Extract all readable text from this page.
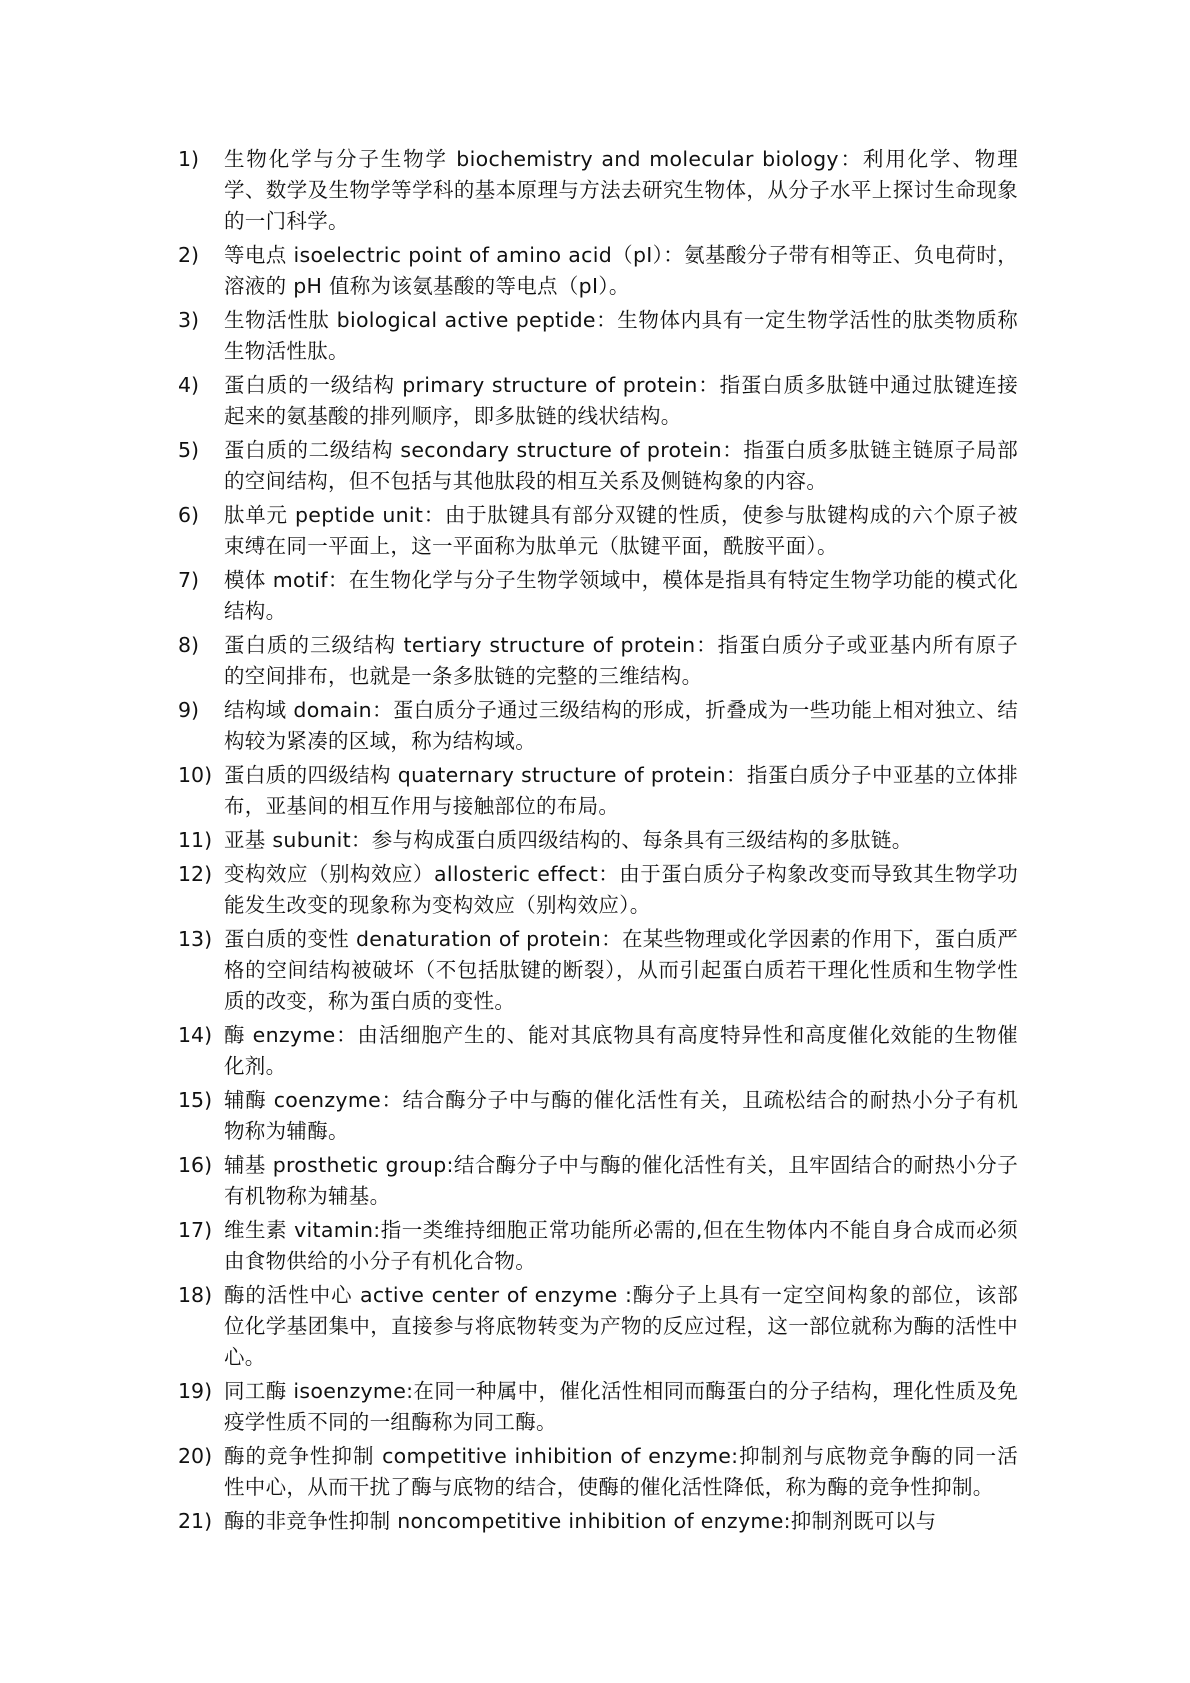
1)	生物化学与分子生物学 biochemistry and molecular biology：利用化学、物理学、数学及生物学等学科的基本原理与方法去研究生物体，从分子水平上探讨生命现象的一门科学。
2)	等电点 isoelectric point of amino acid（pI）：氨基酸分子带有相等正、负电荷时，溶液的 pH 值称为该氨基酸的等电点（pI）。
3)	生物活性肽 biological active peptide：生物体内具有一定生物学活性的肽类物质称生物活性肽。
4)	蛋白质的一级结构 primary structure of protein：指蛋白质多肽链中通过肽键连接起来的氨基酸的排列顺序，即多肽链的线状结构。
5)	蛋白质的二级结构 secondary structure of protein：指蛋白质多肽链主链原子局部的空间结构，但不包括与其他肽段的相互关系及侧链构象的内容。
6)	肽单元 peptide unit：由于肽键具有部分双键的性质，使参与肽键构成的六个原子被束缚在同一平面上，这一平面称为肽单元（肽键平面，酰胺平面）。
7)	模体 motif：在生物化学与分子生物学领域中，模体是指具有特定生物学功能的模式化结构。
8)	蛋白质的三级结构 tertiary structure of protein：指蛋白质分子或亚基内所有原子的空间排布，也就是一条多肽链的完整的三维结构。
9)	结构域 domain：蛋白质分子通过三级结构的形成，折叠成为一些功能上相对独立、结构较为紧凑的区域，称为结构域。
10) 蛋白质的四级结构 quaternary structure of protein：指蛋白质分子中亚基的立体排布，亚基间的相互作用与接触部位的布局。
11) 亚基 subunit：参与构成蛋白质四级结构的、每条具有三级结构的多肽链。
12) 变构效应（别构效应）allosteric effect：由于蛋白质分子构象改变而导致其生物学功能发生改变的现象称为变构效应（别构效应）。
13) 蛋白质的变性 denaturation of protein：在某些物理或化学因素的作用下，蛋白质严格的空间结构被破坏（不包括肽键的断裂），从而引起蛋白质若干理化性质和生物学性质的改变，称为蛋白质的变性。
14) 酶 enzyme：由活细胞产生的、能对其底物具有高度特异性和高度催化效能的生物催化剂。
15) 辅酶 coenzyme：结合酶分子中与酶的催化活性有关，且疏松结合的耐热小分子有机物称为辅酶。
16) 辅基 prosthetic group:结合酶分子中与酶的催化活性有关，且牢固结合的耐热小分子有机物称为辅基。
17) 维生素 vitamin:指一类维持细胞正常功能所必需的,但在生物体内不能自身合成而必须由食物供给的小分子有机化合物。
18) 酶的活性中心 active center of enzyme :酶分子上具有一定空间构象的部位，该部位化学基团集中，直接参与将底物转变为产物的反应过程，这一部位就称为酶的活性中心。
19) 同工酶 isoenzyme:在同一种属中，催化活性相同而酶蛋白的分子结构，理化性质及免疫学性质不同的一组酶称为同工酶。
20) 酶的竞争性抑制 competitive inhibition of enzyme:抑制剂与底物竞争酶的同一活性中心，从而干扰了酶与底物的结合，使酶的催化活性降低，称为酶的竞争性抑制。
21) 酶的非竞争性抑制 noncompetitive inhibition of enzyme:抑制剂既可以与
